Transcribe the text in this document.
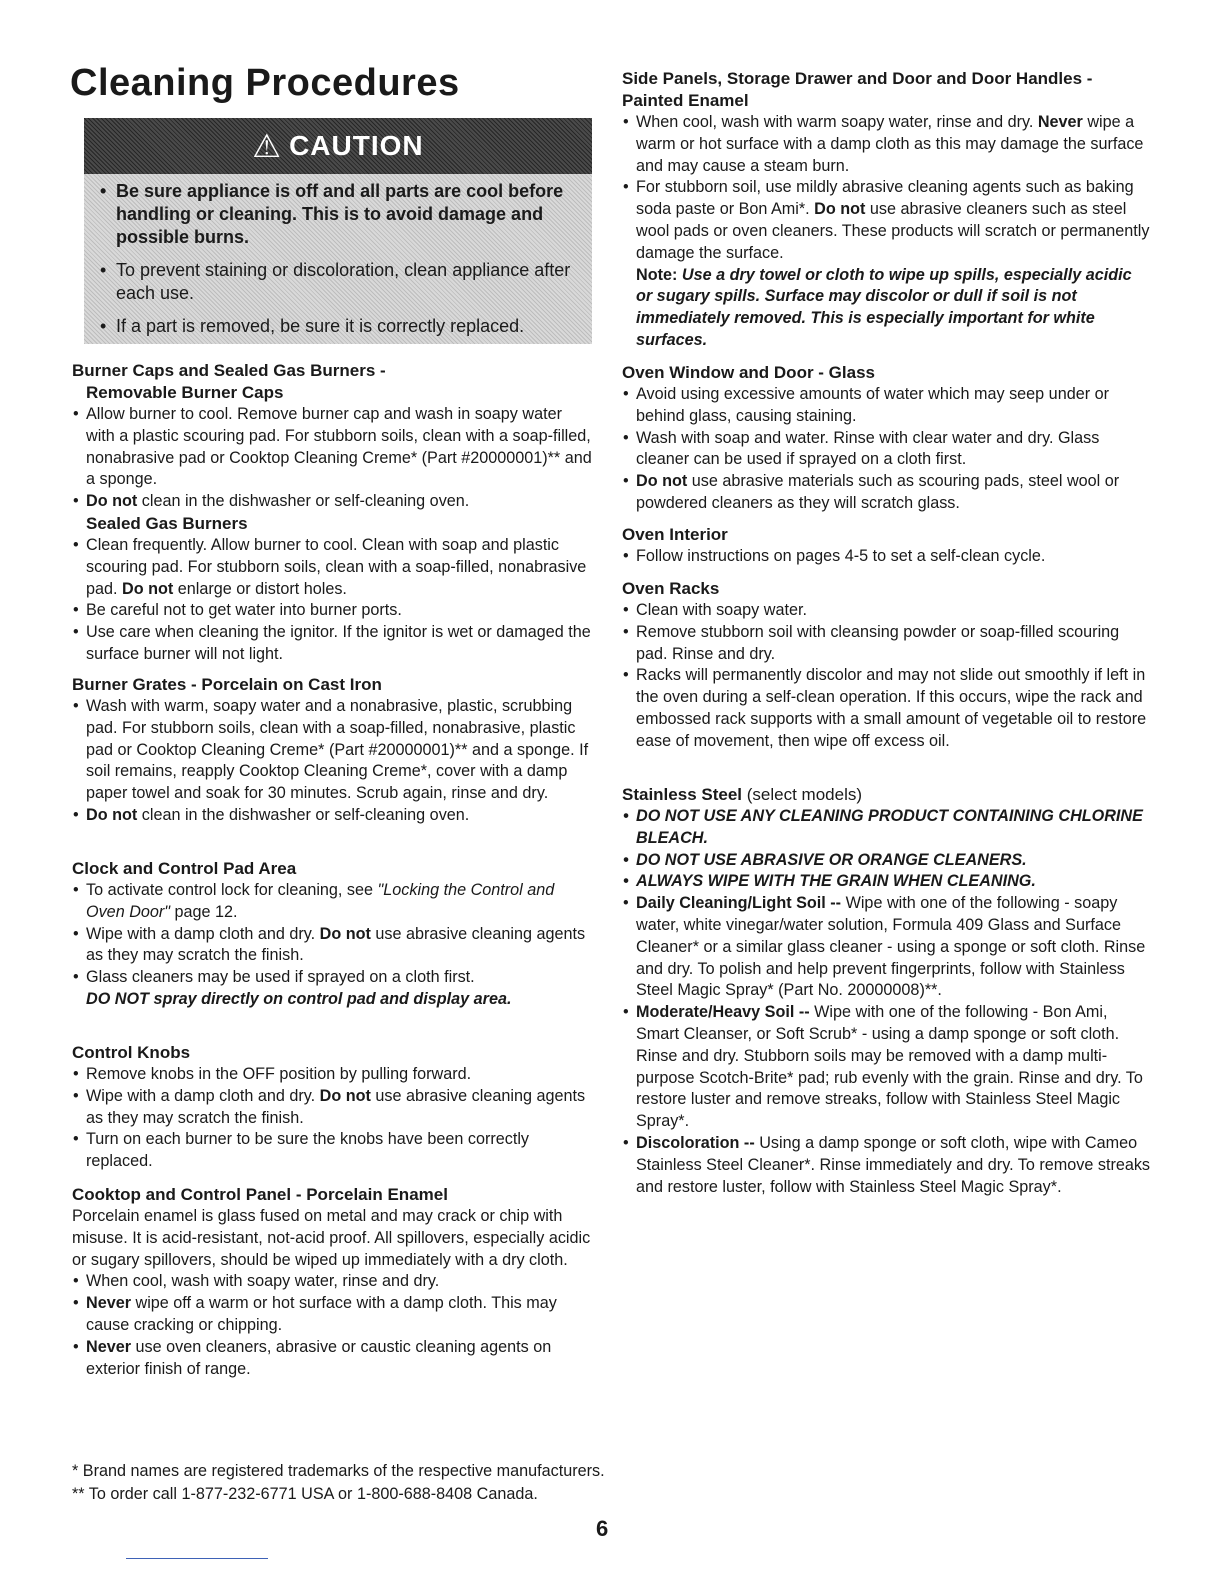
Cleaning Procedures
⚠ CAUTION
• Be sure appliance is off and all parts are cool before handling or cleaning. This is to avoid damage and possible burns.
• To prevent staining or discoloration, clean appliance after each use.
• If a part is removed, be sure it is correctly replaced.
Burner Caps and Sealed Gas Burners -
Removable Burner Caps
• Allow burner to cool. Remove burner cap and wash in soapy water with a plastic scouring pad. For stubborn soils, clean with a soap-filled, nonabrasive pad or Cooktop Cleaning Creme* (Part #20000001)** and a sponge.
• Do not clean in the dishwasher or self-cleaning oven.
Sealed Gas Burners
• Clean frequently. Allow burner to cool. Clean with soap and plastic scouring pad. For stubborn soils, clean with a soap-filled, nonabrasive pad. Do not enlarge or distort holes.
• Be careful not to get water into burner ports.
• Use care when cleaning the ignitor. If the ignitor is wet or damaged the surface burner will not light.
Burner Grates - Porcelain on Cast Iron
• Wash with warm, soapy water and a nonabrasive, plastic, scrubbing pad. For stubborn soils, clean with a soap-filled, nonabrasive, plastic pad or Cooktop Cleaning Creme* (Part #20000001)** and a sponge. If soil remains, reapply Cooktop Cleaning Creme*, cover with a damp paper towel and soak for 30 minutes. Scrub again, rinse and dry.
• Do not clean in the dishwasher or self-cleaning oven.
Clock and Control Pad Area
• To activate control lock for cleaning, see "Locking the Control and Oven Door" page 12.
• Wipe with a damp cloth and dry. Do not use abrasive cleaning agents as they may scratch the finish.
• Glass cleaners may be used if sprayed on a cloth first.

DO NOT spray directly on control pad and display area.

Control Knobs
• Remove knobs in the OFF position by pulling forward.
• Wipe with a damp cloth and dry. Do not use abrasive cleaning agents as they may scratch the finish.
• Turn on each burner to be sure the knobs have been correctly replaced.
Cooktop and Control Panel - Porcelain Enamel

Porcelain enamel is glass fused on metal and may crack or chip with misuse. It is acid-resistant, not-acid proof. All spillovers, especially acidic or sugary spillovers, should be wiped up immediately with a dry cloth.

• When cool, wash with soapy water, rinse and dry.
• Never wipe off a warm or hot surface with a damp cloth. This may cause cracking or chipping.
• Never use oven cleaners, abrasive or caustic cleaning agents on exterior finish of range.
Side Panels, Storage Drawer and Door and Door Handles - Painted Enamel
• When cool, wash with warm soapy water, rinse and dry. Never wipe a warm or hot surface with a damp cloth as this may damage the surface and may cause a steam burn.
• For stubborn soil, use mildly abrasive cleaning agents such as baking soda paste or Bon Ami*. Do not use abrasive cleaners such as steel wool pads or oven cleaners. These products will scratch or permanently damage the surface.

Note: Use a dry towel or cloth to wipe up spills, especially acidic or sugary spills. Surface may discolor or dull if soil is not immediately removed. This is especially important for white surfaces.

Oven Window and Door - Glass
• Avoid using excessive amounts of water which may seep under or behind glass, causing staining.
• Wash with soap and water. Rinse with clear water and dry. Glass cleaner can be used if sprayed on a cloth first.
• Do not use abrasive materials such as scouring pads, steel wool or powdered cleaners as they will scratch glass.
Oven Interior
• Follow instructions on pages 4-5 to set a self-clean cycle.
Oven Racks
• Clean with soapy water.
• Remove stubborn soil with cleansing powder or soap-filled scouring pad. Rinse and dry.
• Racks will permanently discolor and may not slide out smoothly if left in the oven during a self-clean operation. If this occurs, wipe the rack and embossed rack supports with a small amount of vegetable oil to restore ease of movement, then wipe off excess oil.
Stainless Steel (select models)
• DO NOT USE ANY CLEANING PRODUCT CONTAINING CHLORINE BLEACH.
• DO NOT USE ABRASIVE OR ORANGE CLEANERS.
• ALWAYS WIPE WITH THE GRAIN WHEN CLEANING.
• Daily Cleaning/Light Soil -- Wipe with one of the following - soapy water, white vinegar/water solution, Formula 409 Glass and Surface Cleaner* or a similar glass cleaner - using a sponge or soft cloth. Rinse and dry. To polish and help prevent fingerprints, follow with Stainless Steel Magic Spray* (Part No. 20000008)**.
• Moderate/Heavy Soil -- Wipe with one of the following - Bon Ami, Smart Cleanser, or Soft Scrub* - using a damp sponge or soft cloth. Rinse and dry. Stubborn soils may be removed with a damp multi-purpose Scotch-Brite* pad; rub evenly with the grain. Rinse and dry. To restore luster and remove streaks, follow with Stainless Steel Magic Spray*.
• Discoloration -- Using a damp sponge or soft cloth, wipe with Cameo Stainless Steel Cleaner*. Rinse immediately and dry. To remove streaks and restore luster, follow with Stainless Steel Magic Spray*.
* Brand names are registered trademarks of the respective manufacturers.
** To order call 1-877-232-6771 USA or 1-800-688-8408 Canada.
6
